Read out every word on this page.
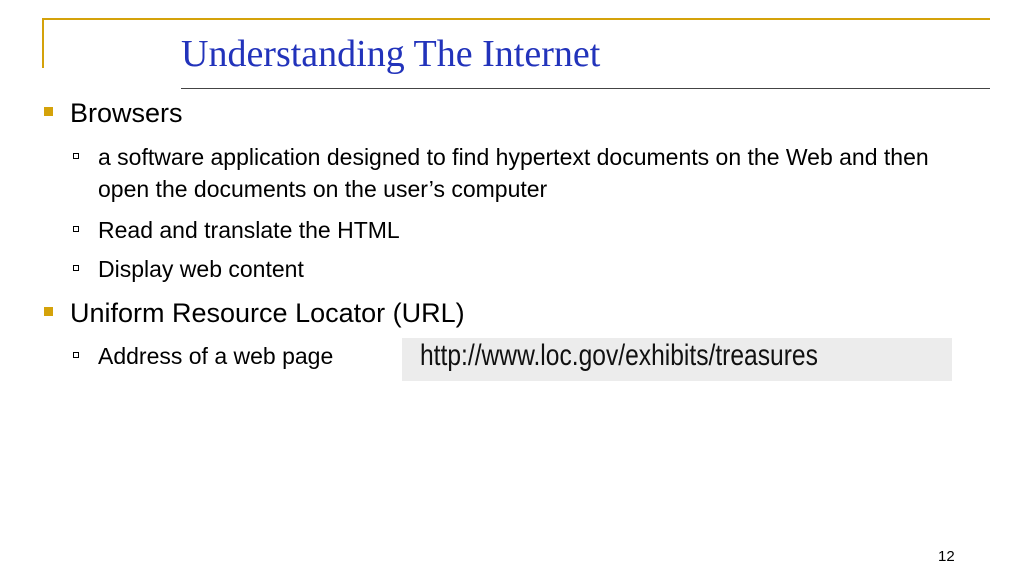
Understanding The Internet
Browsers
a software application designed to find hypertext documents on the Web and then open the documents on the user’s computer
Read and translate the HTML
Display web content
Uniform Resource Locator (URL)
Address of a web page	http://www.loc.gov/exhibits/treasures
12
